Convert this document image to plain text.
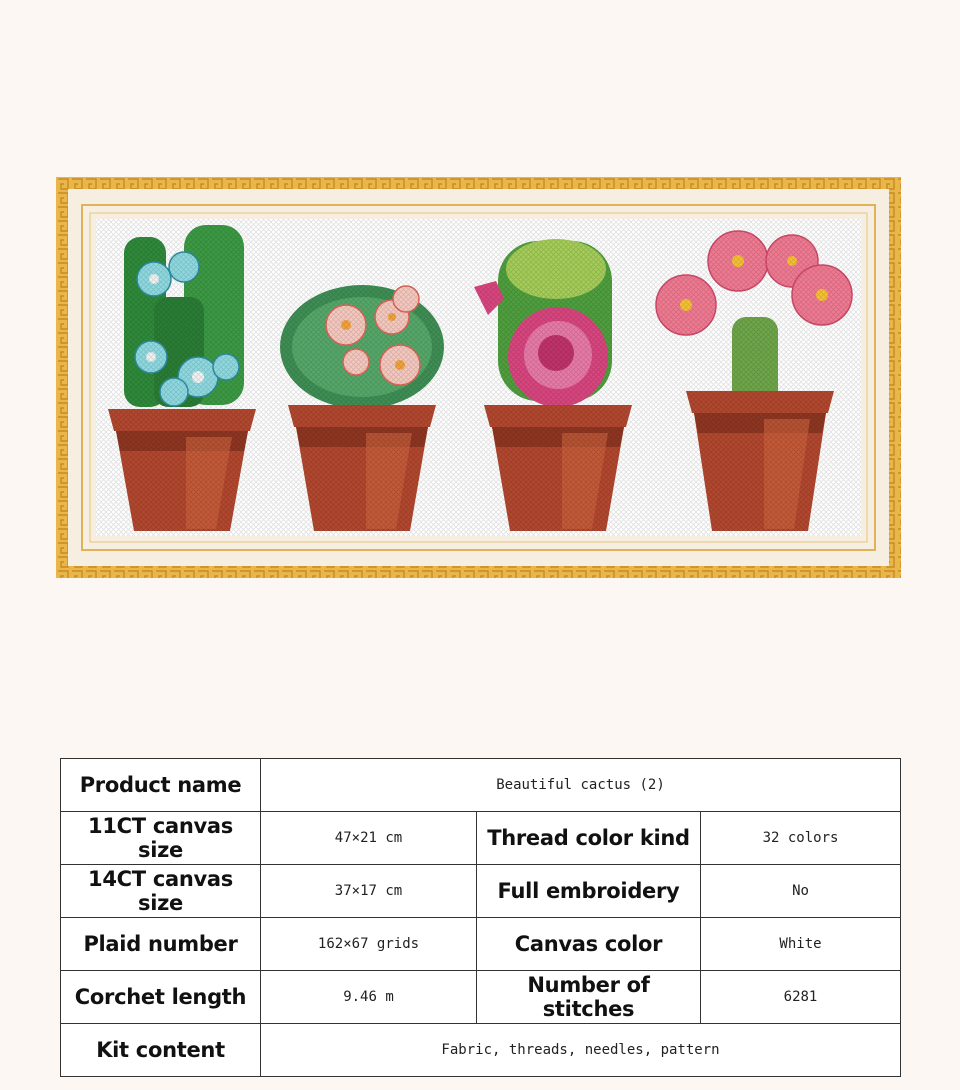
Product name	Beautiful cactus (2)		
11CT canvas size	47×21 cm	Thread color kind	32 colors
14CT canvas size	37×17 cm	Full embroidery	No
Plaid number	162×67 grids	Canvas color	White
Corchet length	9.46 m	Number of stitches	6281
Kit content	Fabric, threads, needles, pattern		
